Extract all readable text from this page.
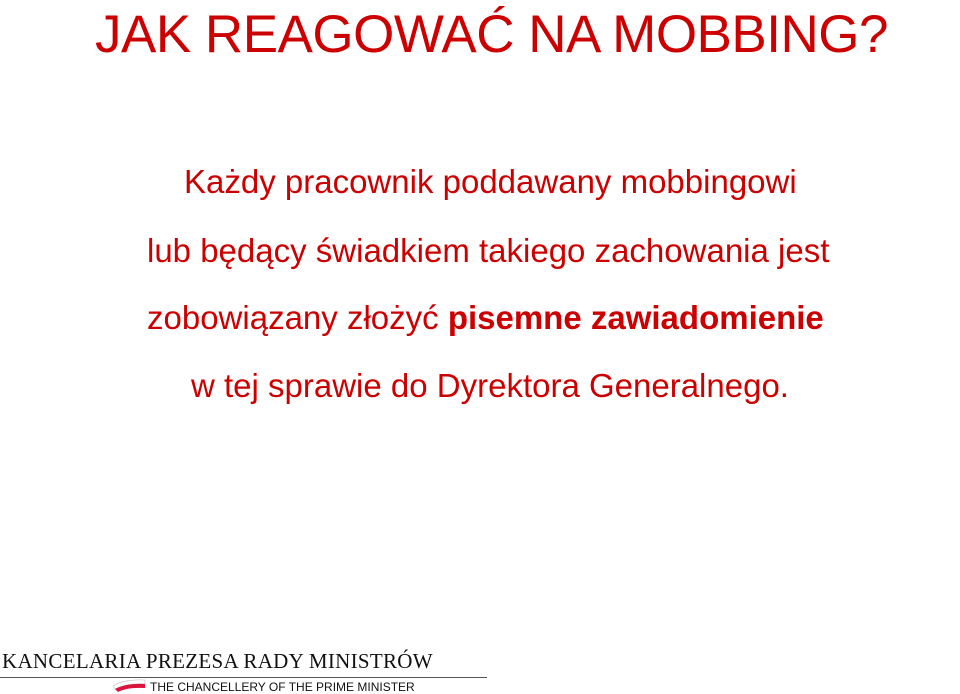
JAK REAGOWAĆ NA MOBBING?
Każdy pracownik poddawany mobbingowi
lub będący świadkiem takiego zachowania jest
zobowiązany złożyć pisemne zawiadomienie
w tej sprawie do Dyrektora Generalnego.
KANCELARIA PREZESA RADY MINISTRÓW
THE CHANCELLERY OF THE PRIME MINISTER
